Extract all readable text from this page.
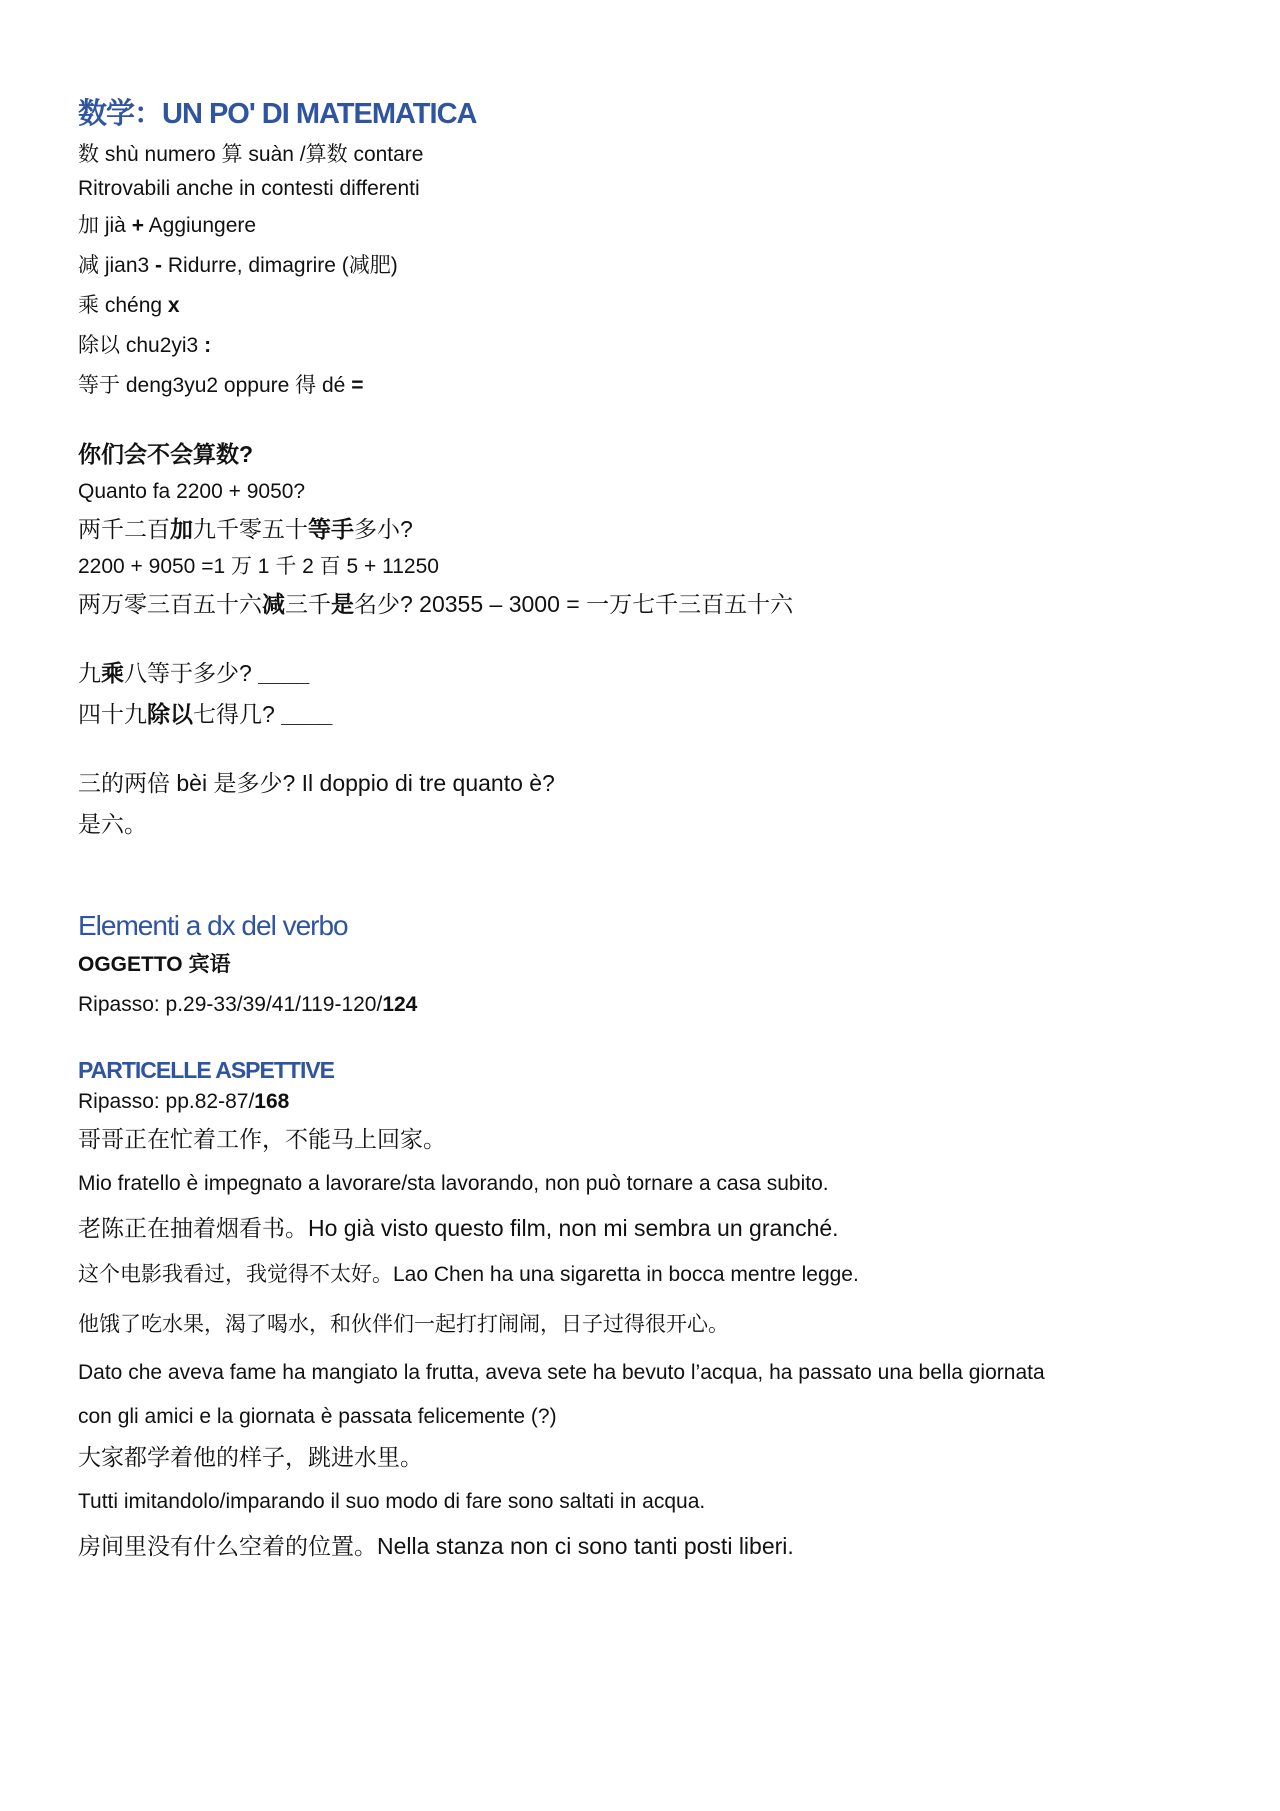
数学：UN PO' DI MATEMATICA
数 shù numero 算 suàn /算数 contare
Ritrovabili anche in contesti differenti
加 jià + Aggiungere
减 jian3 - Ridurre, dimagrire (减肥)
乘 chéng x
除以 chu2yi3 :
等于 deng3yu2 oppure 得 dé =
你们会不会算数?
Quanto fa 2200 + 9050?
两千二百加九千零五十等手多小?
2200 + 9050 =1 万 1 千 2 百 5 + 11250
两万零三百五十六减三千是名少? 20355 – 3000 = 一万七千三百五十六
九乘八等于多少? ____
四十九除以七得几? ____
三的两倍 bèi 是多少? Il doppio di tre quanto è?
是六。
Elementi a dx del verbo
OGGETTO 宾语
Ripasso: p.29-33/39/41/119-120/124
PARTICELLE ASPETTIVE
Ripasso: pp.82-87/168
哥哥正在忙着工作，不能马上回家。
Mio fratello è impegnato a lavorare/sta lavorando, non può tornare a casa subito.
老陈正在抽着烟看书。Ho già visto questo film, non mi sembra un granché.
这个电影我看过，我觉得不太好。Lao Chen ha una sigaretta in bocca mentre legge.
他饿了吃水果，渴了喝水，和伙伴们一起打打闹闹，日子过得很开心。
Dato che aveva fame ha mangiato la frutta, aveva sete ha bevuto l’acqua, ha passato una bella giornata
con gli amici e la giornata è passata felicemente (?)
大家都学着他的样子，跳进水里。
Tutti imitandolo/imparando il suo modo di fare sono saltati in acqua.
房间里没有什么空着的位置。Nella stanza non ci sono tanti posti liberi.
